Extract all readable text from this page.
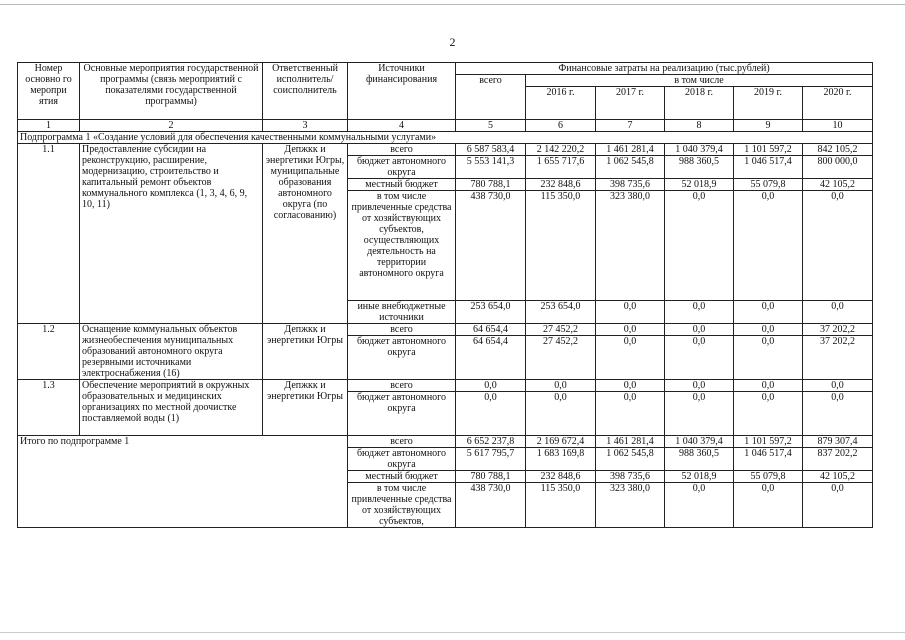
2
Номер основно го меропри ятия	Основные мероприятия государственной программы (связь мероприятий с показателями государственной программы)	Ответственный исполнитель/ соисполнитель	Источники финансирования	Финансовые затраты на реализацию (тыс.рублей)					
				всего	в том числе				
					2016 г.	2017 г.	2018 г.	2019 г.	2020 г.
1	2	3	4	5	6	7	8	9	10
Подпрограмма 1 «Создание условий для обеспечения качественными коммунальными услугами»									
1.1	Предоставление субсидии на реконструкцию, расширение, модернизацию, строительство и капитальный ремонт объектов коммунального комплекса (1, 3, 4, 6, 9, 10, 11)	Депжкк и энергетики Югры, муниципальные образования автономного округа (по согласованию)	всего	6 587 583,4	2 142 220,2	1 461 281,4	1 040 379,4	1 101 597,2	842 105,2
			бюджет автономного округа	5 553 141,3	1 655 717,6	1 062 545,8	988 360,5	1 046 517,4	800 000,0
			местный бюджет	780 788,1	232 848,6	398 735,6	52 018,9	55 079,8	42 105,2
			в том числе привлеченные средства от хозяйствующих субъектов, осуществляющих деятельность на территории автономного округа	438 730,0	115 350,0	323 380,0	0,0	0,0	0,0
			иные внебюджетные источники	253 654,0	253 654,0	0,0	0,0	0,0	0,0
1.2	Оснащение коммунальных объектов жизнеобеспечения муниципальных образований автономного округа резервными источниками электроснабжения (16)	Депжкк и энергетики Югры	всего	64 654,4	27 452,2	0,0	0,0	0,0	37 202,2
			бюджет автономного округа	64 654,4	27 452,2	0,0	0,0	0,0	37 202,2
1.3	Обеспечение мероприятий в окружных образовательных и медицинских организациях по местной доочистке поставляемой воды (1)	Депжкк и энергетики Югры	всего	0,0	0,0	0,0	0,0	0,0	0,0
			бюджет автономного округа	0,0	0,0	0,0	0,0	0,0	0,0
Итого по подпрограмме 1			всего	6 652 237,8	2 169 672,4	1 461 281,4	1 040 379,4	1 101 597,2	879 307,4
			бюджет автономного округа	5 617 795,7	1 683 169,8	1 062 545,8	988 360,5	1 046 517,4	837 202,2
			местный бюджет	780 788,1	232 848,6	398 735,6	52 018,9	55 079,8	42 105,2
			в том числе привлеченные средства от хозяйствующих субъектов,	438 730,0	115 350,0	323 380,0	0,0	0,0	0,0
